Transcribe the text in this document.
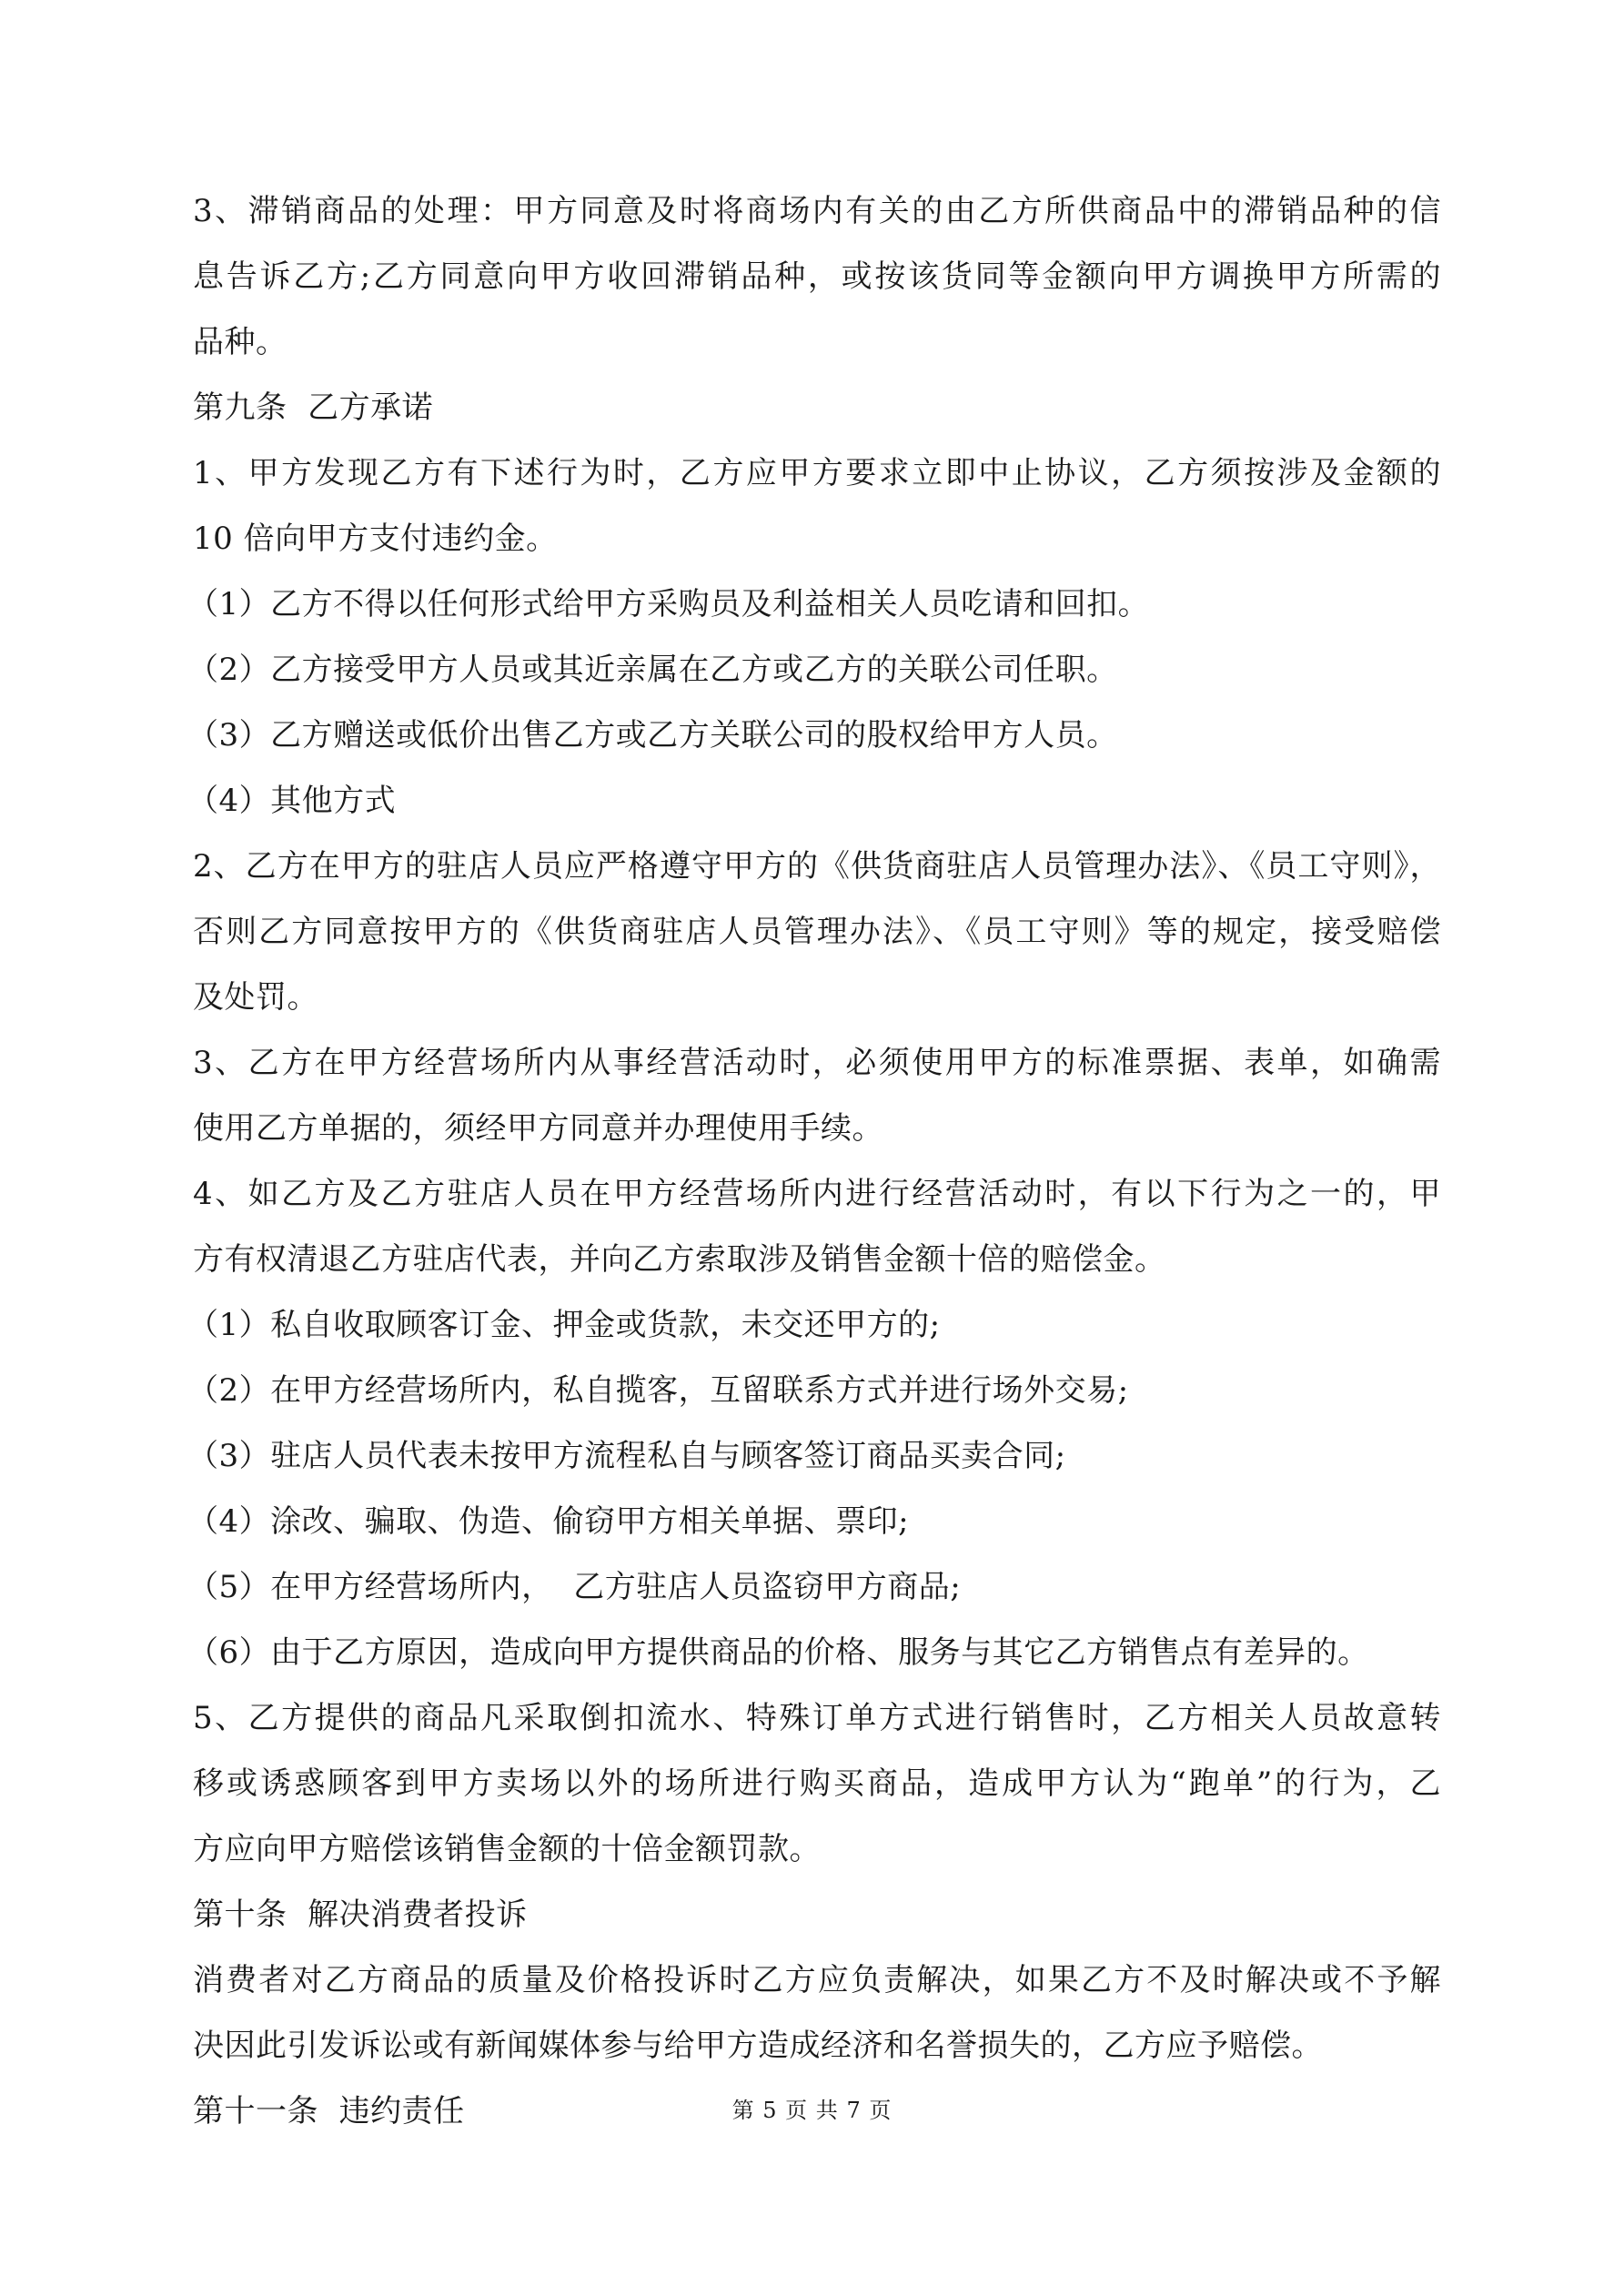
3、滞销商品的处理：甲方同意及时将商场内有关的由乙方所供商品中的滞销品种的信

息告诉乙方;乙方同意向甲方收回滞销品种，或按该货同等金额向甲方调换甲方所需的

品种。

第九条  乙方承诺

1、甲方发现乙方有下述行为时，乙方应甲方要求立即中止协议，乙方须按涉及金额的

10 倍向甲方支付违约金。

（1）乙方不得以任何形式给甲方采购员及利益相关人员吃请和回扣。

（2）乙方接受甲方人员或其近亲属在乙方或乙方的关联公司任职。

（3）乙方赠送或低价出售乙方或乙方关联公司的股权给甲方人员。

（4）其他方式

2、乙方在甲方的驻店人员应严格遵守甲方的《供货商驻店人员管理办法》、《员工守则》，

否则乙方同意按甲方的《供货商驻店人员管理办法》、《员工守则》等的规定，接受赔偿

及处罚。

3、乙方在甲方经营场所内从事经营活动时，必须使用甲方的标准票据、表单，如确需

使用乙方单据的，须经甲方同意并办理使用手续。

4、如乙方及乙方驻店人员在甲方经营场所内进行经营活动时，有以下行为之一的，甲

方有权清退乙方驻店代表，并向乙方索取涉及销售金额十倍的赔偿金。

（1）私自收取顾客订金、押金或货款，未交还甲方的;

（2）在甲方经营场所内，私自揽客，互留联系方式并进行场外交易;

（3）驻店人员代表未按甲方流程私自与顾客签订商品买卖合同;

（4）涂改、骗取、伪造、偷窃甲方相关单据、票印;

（5）在甲方经营场所内，  乙方驻店人员盗窃甲方商品;

（6）由于乙方原因，造成向甲方提供商品的价格、服务与其它乙方销售点有差异的。

5、乙方提供的商品凡采取倒扣流水、特殊订单方式进行销售时，乙方相关人员故意转

移或诱惑顾客到甲方卖场以外的场所进行购买商品，造成甲方认为“跑单”的行为，乙

方应向甲方赔偿该销售金额的十倍金额罚款。

第十条  解决消费者投诉

消费者对乙方商品的质量及价格投诉时乙方应负责解决，如果乙方不及时解决或不予解

决因此引发诉讼或有新闻媒体参与给甲方造成经济和名誉损失的，乙方应予赔偿。

第十一条  违约责任	第 5 页 共 7 页
